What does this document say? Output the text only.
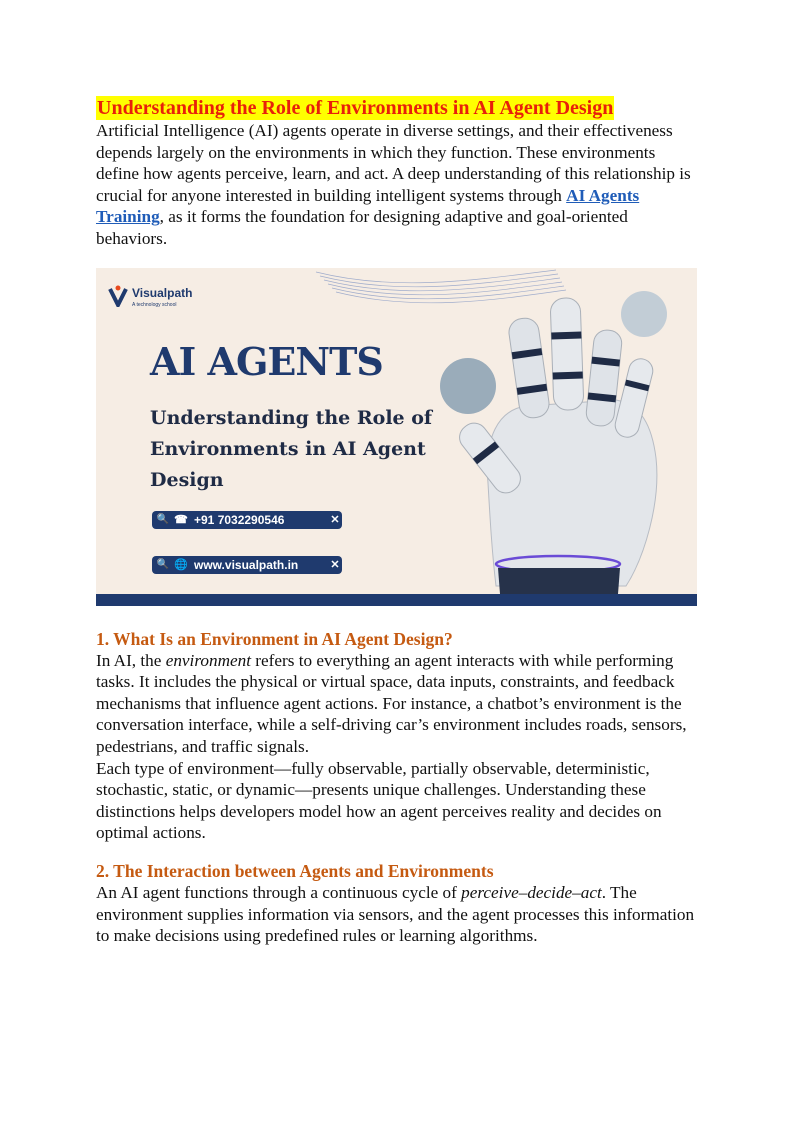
Understanding the Role of Environments in AI Agent Design

Artificial Intelligence (AI) agents operate in diverse settings, and their effectiveness depends largely on the environments in which they function. These environments define how agents perceive, learn, and act. A deep understanding of this relationship is crucial for anyone interested in building intelligent systems through AI Agents Training, as it forms the foundation for designing adaptive and goal-oriented behaviors.

Visualpath
A technology school
AI AGENTS
Understanding the Role of Environments in AI Agent Design
🔍 ☎ +91 7032290546	✕
🔍 🌐 www.visualpath.in	✕
1. What Is an Environment in AI Agent Design?

In AI, the environment refers to everything an agent interacts with while performing tasks. It includes the physical or virtual space, data inputs, constraints, and feedback mechanisms that influence agent actions. For instance, a chatbot’s environment is the conversation interface, while a self-driving car’s environment includes roads, sensors, pedestrians, and traffic signals.

Each type of environment—fully observable, partially observable, deterministic, stochastic, static, or dynamic—presents unique challenges. Understanding these distinctions helps developers model how an agent perceives reality and decides on optimal actions.

2. The Interaction between Agents and Environments

An AI agent functions through a continuous cycle of perceive–decide–act. The environment supplies information via sensors, and the agent processes this information to make decisions using predefined rules or learning algorithms.
